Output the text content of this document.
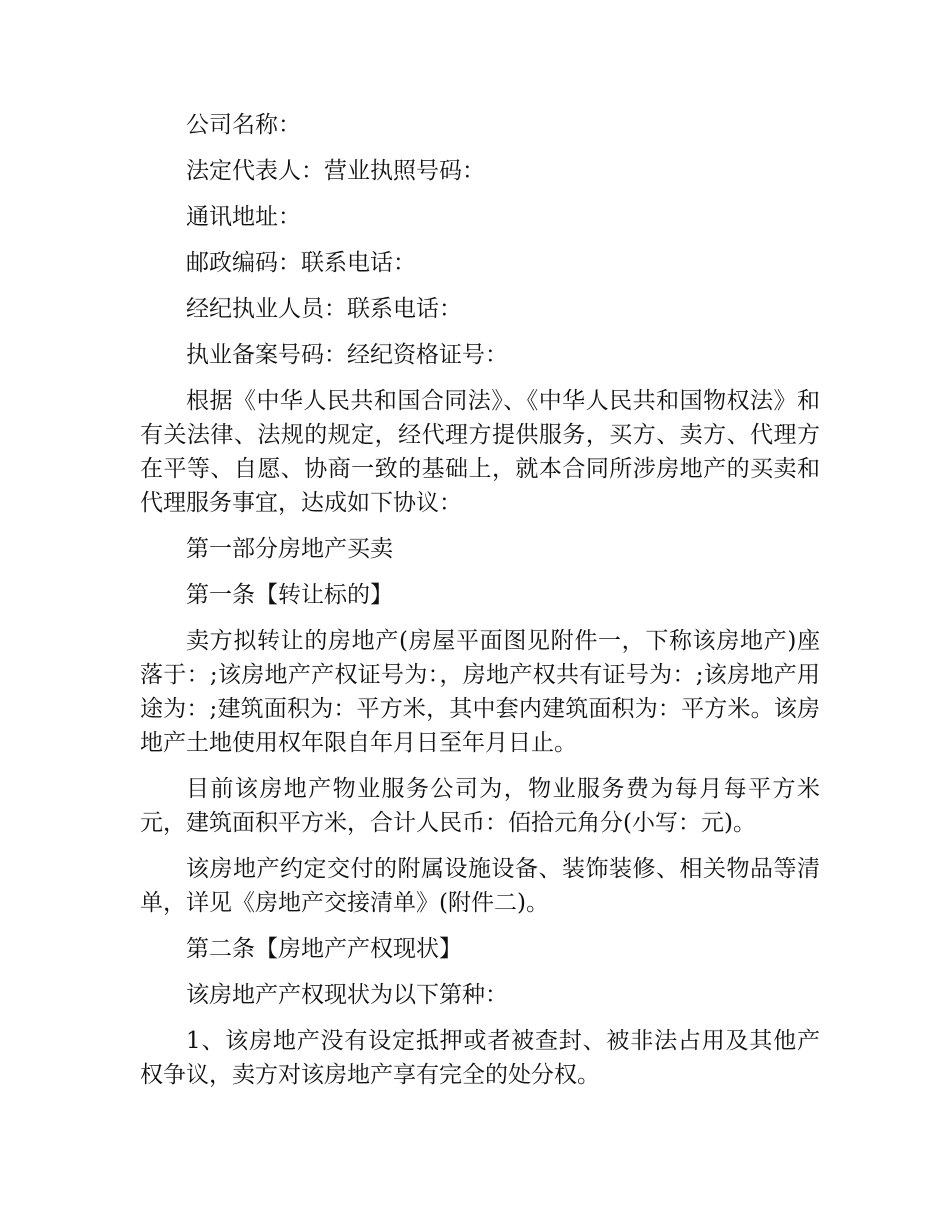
公司名称：

法定代表人：营业执照号码：

通讯地址：

邮政编码：联系电话：

经纪执业人员：联系电话：

执业备案号码：经纪资格证号：

根据《中华人民共和国合同法》、《中华人民共和国物权法》和有关法律、法规的规定，经代理方提供服务，买方、卖方、代理方在平等、自愿、协商一致的基础上，就本合同所涉房地产的买卖和代理服务事宜，达成如下协议：

第一部分房地产买卖

第一条【转让标的】

卖方拟转让的房地产(房屋平面图见附件一，下称该房地产)座落于：;该房地产产权证号为：，房地产权共有证号为：;该房地产用途为：;建筑面积为：平方米，其中套内建筑面积为：平方米。该房地产土地使用权年限自年月日至年月日止。

目前该房地产物业服务公司为，物业服务费为每月每平方米元，建筑面积平方米，合计人民币：佰拾元角分(小写：元)。

该房地产约定交付的附属设施设备、装饰装修、相关物品等清单，详见《房地产交接清单》(附件二)。

第二条【房地产产权现状】

该房地产产权现状为以下第种：

1、该房地产没有设定抵押或者被查封、被非法占用及其他产权争议，卖方对该房地产享有完全的处分权。
